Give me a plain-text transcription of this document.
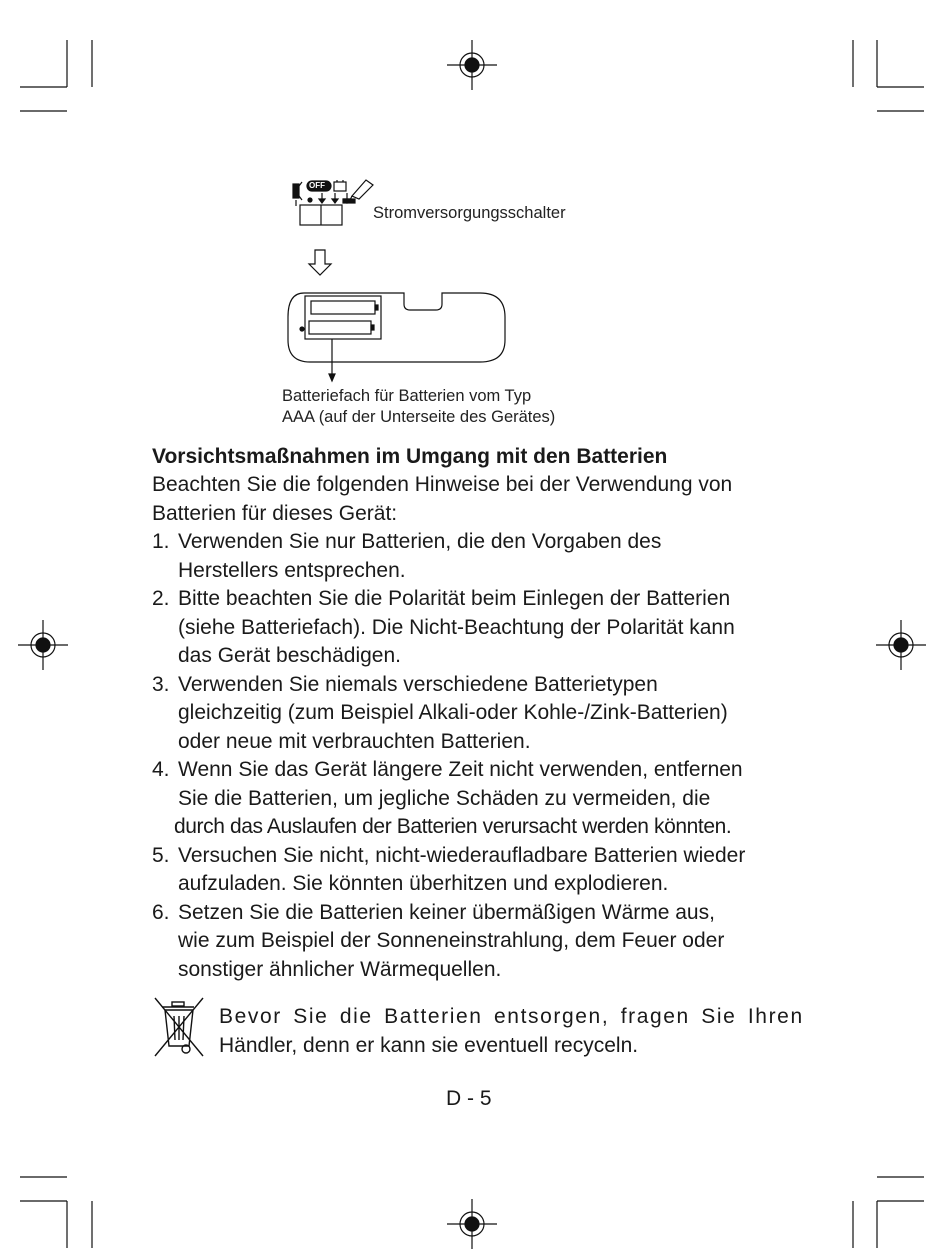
OFF
Stromversorgungsschalter
Batteriefach für Batterien vom Typ
AAA (auf der Unterseite des Gerätes)
Vorsichtsmaßnahmen im Umgang mit den Batterien
Beachten Sie die folgenden Hinweise bei der Verwendung von
Batterien für dieses Gerät:
1. Verwenden Sie nur Batterien, die den Vorgaben des
Herstellers entsprechen.
2. Bitte beachten Sie die Polarität beim Einlegen der Batterien
(siehe Batteriefach). Die Nicht-Beachtung der Polarität kann
das Gerät beschädigen.
3. Verwenden Sie niemals verschiedene Batterietypen
gleichzeitig (zum Beispiel Alkali-oder Kohle-/Zink-Batterien)
oder neue mit verbrauchten Batterien.
4. Wenn Sie das Gerät längere Zeit nicht verwenden, entfernen
Sie die Batterien, um jegliche Schäden zu vermeiden, die
durch das Auslaufen der Batterien verursacht werden könnten.
5. Versuchen Sie nicht, nicht-wiederaufladbare Batterien wieder
aufzuladen. Sie könnten überhitzen und explodieren.
6. Setzen Sie die Batterien keiner übermäßigen Wärme aus,
wie zum Beispiel der Sonneneinstrahlung, dem Feuer oder
sonstiger ähnlicher Wärmequellen.
Bevor Sie die Batterien entsorgen, fragen Sie Ihren
Händler, denn er kann sie eventuell recyceln.
D - 5
